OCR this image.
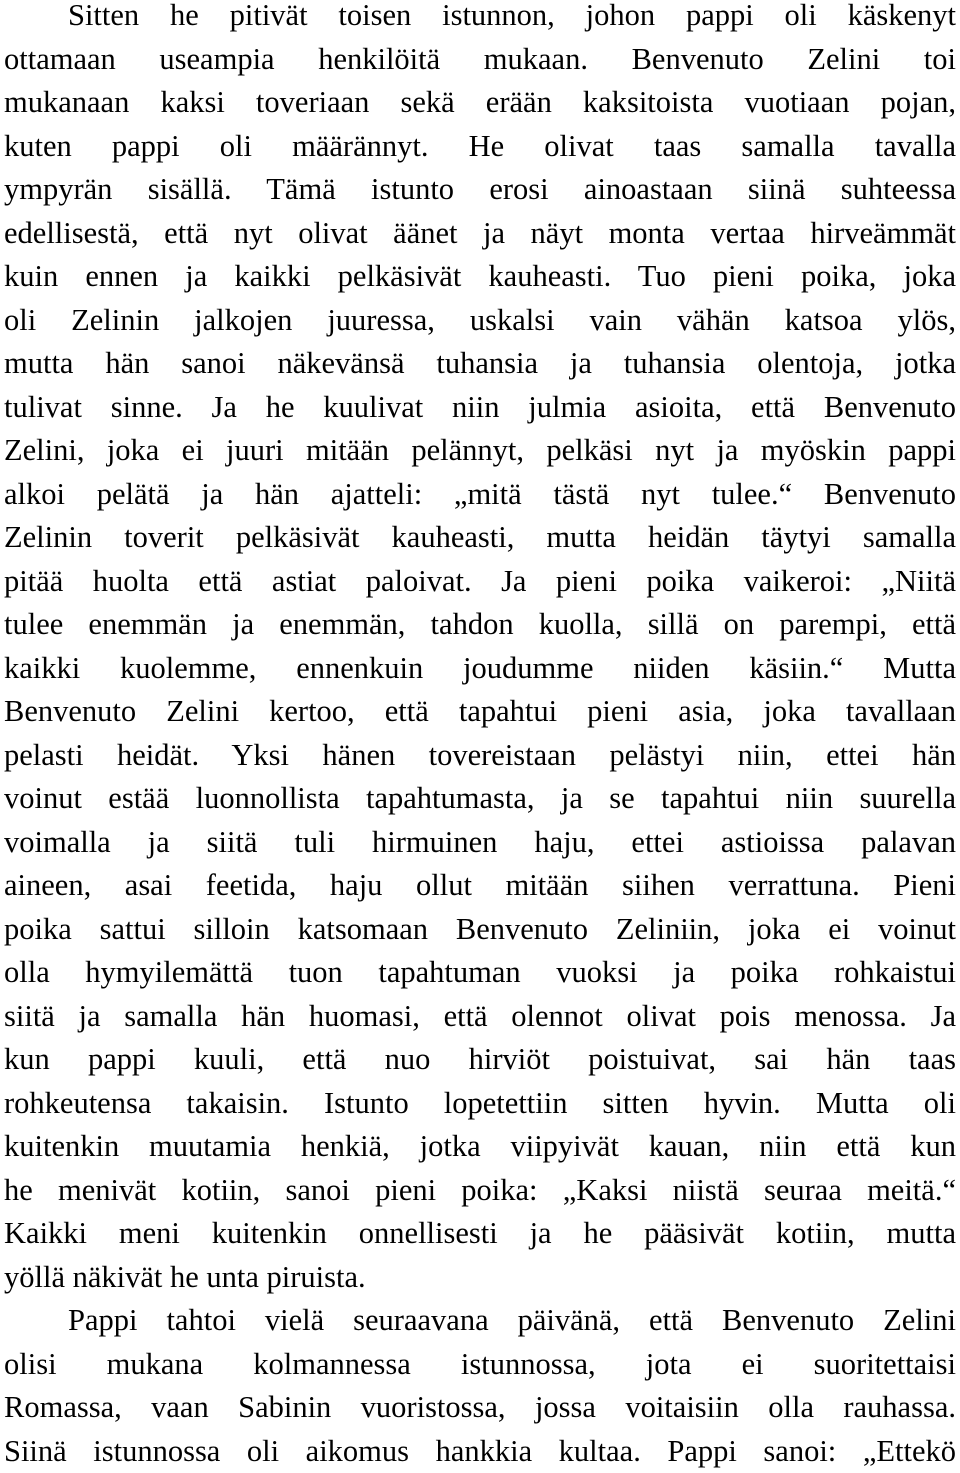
Sitten he pitivät toisen istunnon, johon pappi oli käskenyt
ottamaan useampia henkilöitä mukaan. Benvenuto Zelini toi
mukanaan kaksi toveriaan sekä erään kaksitoista vuotiaan pojan,
kuten pappi oli määrännyt. He olivat taas samalla tavalla
ympyrän sisällä. Tämä istunto erosi ainoastaan siinä suhteessa
edellisestä, että nyt olivat äänet ja näyt monta vertaa hirveämmät
kuin ennen ja kaikki pelkäsivät kauheasti. Tuo pieni poika, joka
oli Zelinin jalkojen juuressa, uskalsi vain vähän katsoa ylös,
mutta hän sanoi näkevänsä tuhansia ja tuhansia olentoja, jotka
tulivat sinne. Ja he kuulivat niin julmia asioita, että Benvenuto
Zelini, joka ei juuri mitään pelännyt, pelkäsi nyt ja myöskin pappi
alkoi pelätä ja hän ajatteli: „mitä tästä nyt tulee.“ Benvenuto
Zelinin toverit pelkäsivät kauheasti, mutta heidän täytyi samalla
pitää huolta että astiat paloivat. Ja pieni poika vaikeroi: „Niitä
tulee enemmän ja enemmän, tahdon kuolla, sillä on parempi, että
kaikki kuolemme, ennenkuin joudumme niiden käsiin.“ Mutta
Benvenuto Zelini kertoo, että tapahtui pieni asia, joka tavallaan
pelasti heidät. Yksi hänen tovereistaan pelästyi niin, ettei hän
voinut estää luonnollista tapahtumasta, ja se tapahtui niin suurella
voimalla ja siitä tuli hirmuinen haju, ettei astioissa palavan
aineen, asai feetida, haju ollut mitään siihen verrattuna. Pieni
poika sattui silloin katsomaan Benvenuto Zeliniin, joka ei voinut
olla hymyilemättä tuon tapahtuman vuoksi ja poika rohkaistui
siitä ja samalla hän huomasi, että olennot olivat pois menossa. Ja
kun pappi kuuli, että nuo hirviöt poistuivat, sai hän taas
rohkeutensa takaisin. Istunto lopetettiin sitten hyvin. Mutta oli
kuitenkin muutamia henkiä, jotka viipyivät kauan, niin että kun
he menivät kotiin, sanoi pieni poika: „Kaksi niistä seuraa meitä.“
Kaikki meni kuitenkin onnellisesti ja he pääsivät kotiin, mutta
yöllä näkivät he unta piruista.

Pappi tahtoi vielä seuraavana päivänä, että Benvenuto Zelini
olisi mukana kolmannessa istunnossa, jota ei suoritettaisi
Romassa, vaan Sabinin vuoristossa, jossa voitaisiin olla rauhassa.
Siinä istunnossa oli aikomus hankkia kultaa. Pappi sanoi: „Ettekö
